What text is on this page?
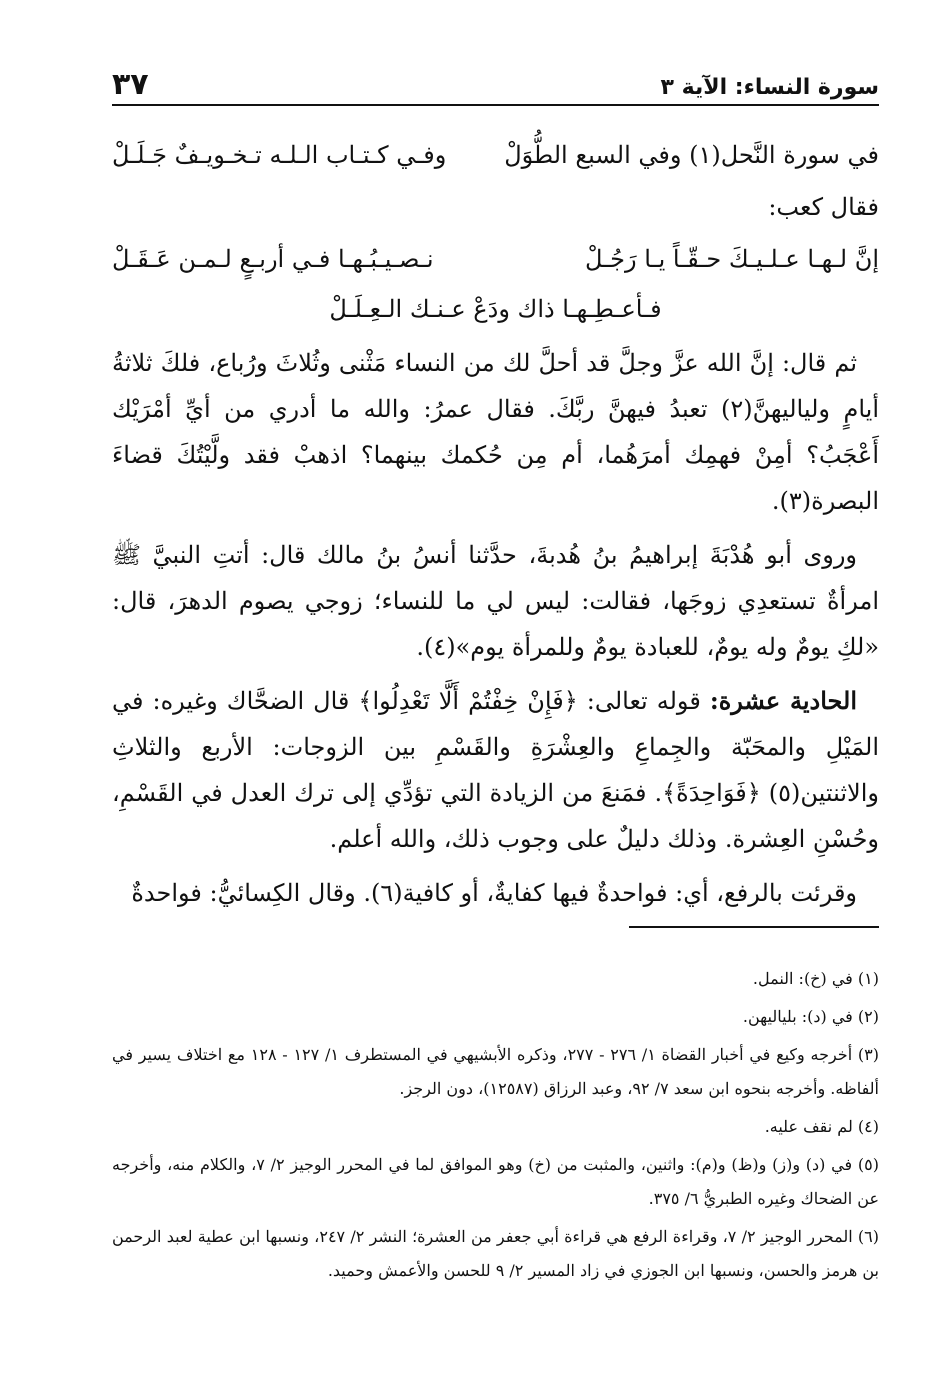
سورة النساء: الآية ٣
٣٧
في سورة النَّحل(١) وفي السبع الطُّوَلْ
وفـي كـتـاب الـلـه تـخـويـفٌ جَـلَـلْ
فقال كعب:
إنَّ لـهـا عـلـيـكَ حـقّـاً يـا رَجُـلْ
نـصـيـبُـهـا فـي أربـعٍ لـمـن عَـقَـلْ
فـأعـطِـهـا ذاك ودَعْ عـنـك الـعِـلَـلْ

ثم قال: إنَّ الله عزَّ وجلَّ قد أحلَّ لك من النساء مَثْنى وثُلاثَ ورُباع، فلكَ ثلاثةُ أيامٍ ولياليهنَّ(٢) تعبدُ فيهنَّ ربَّكَ. فقال عمرُ: والله ما أدري من أيِّ أمْرَيْك أَعْجَبُ؟ أمِنْ فهمِك أمرَهُما، أم مِن حُكمك بينهما؟ اذهبْ فقد ولَّيْتُكَ قضاءَ البصرة(٣).

وروى أبو هُدْبَةَ إبراهيمُ بنُ هُدبةَ، حدَّثنا أنسُ بنُ مالك قال: أتتِ النبيَّ ﷺ امرأةٌ تستعدِي زوجَها، فقالت: ليس لي ما للنساء؛ زوجي يصوم الدهرَ، قال: «لكِ يومٌ وله يومٌ، للعبادة يومٌ وللمرأة يوم»(٤).

الحادية عشرة: قوله تعالى: ﴿فَإِنْ خِفْتُمْ أَلَّا تَعْدِلُوا﴾ قال الضحَّاك وغيره: في المَيْلِ والمحَبّة والجِماعِ والعِشْرَةِ والقَسْمِ بين الزوجات: الأربع والثلاثِ والاثنتين(٥) ﴿فَوَاحِدَةً﴾. فمَنعَ من الزيادة التي تؤدِّي إلى ترك العدل في القَسْمِ، وحُسْنِ العِشرة. وذلك دليلٌ على وجوب ذلك، والله أعلم.

وقرئت بالرفع، أي: فواحدةٌ فيها كفايةٌ، أو كافية(٦). وقال الكِسائيُّ: فواحدةٌ

(١) في (خ): النمل.
(٢) في (د): بلياليهن.
(٣) أخرجه وكيع في أخبار القضاة ١/ ٢٧٦ - ٢٧٧، وذكره الأبشيهي في المستطرف ١/ ١٢٧ - ١٢٨ مع اختلاف يسير في ألفاظه. وأخرجه بنحوه ابن سعد ٧/ ٩٢، وعبد الرزاق (١٢٥٨٧)، دون الرجز.
(٤) لم نقف عليه.
(٥) في (د) و(ز) و(ظ) و(م): واثنين، والمثبت من (خ) وهو الموافق لما في المحرر الوجيز ٢/ ٧، والكلام منه، وأخرجه عن الضحاك وغيره الطبريُّ ٦/ ٣٧٥.
(٦) المحرر الوجيز ٢/ ٧، وقراءة الرفع هي قراءة أبي جعفر من العشرة؛ النشر ٢/ ٢٤٧، ونسبها ابن عطية لعبد الرحمن بن هرمز والحسن، ونسبها ابن الجوزي في زاد المسير ٢/ ٩ للحسن والأعمش وحميد.
